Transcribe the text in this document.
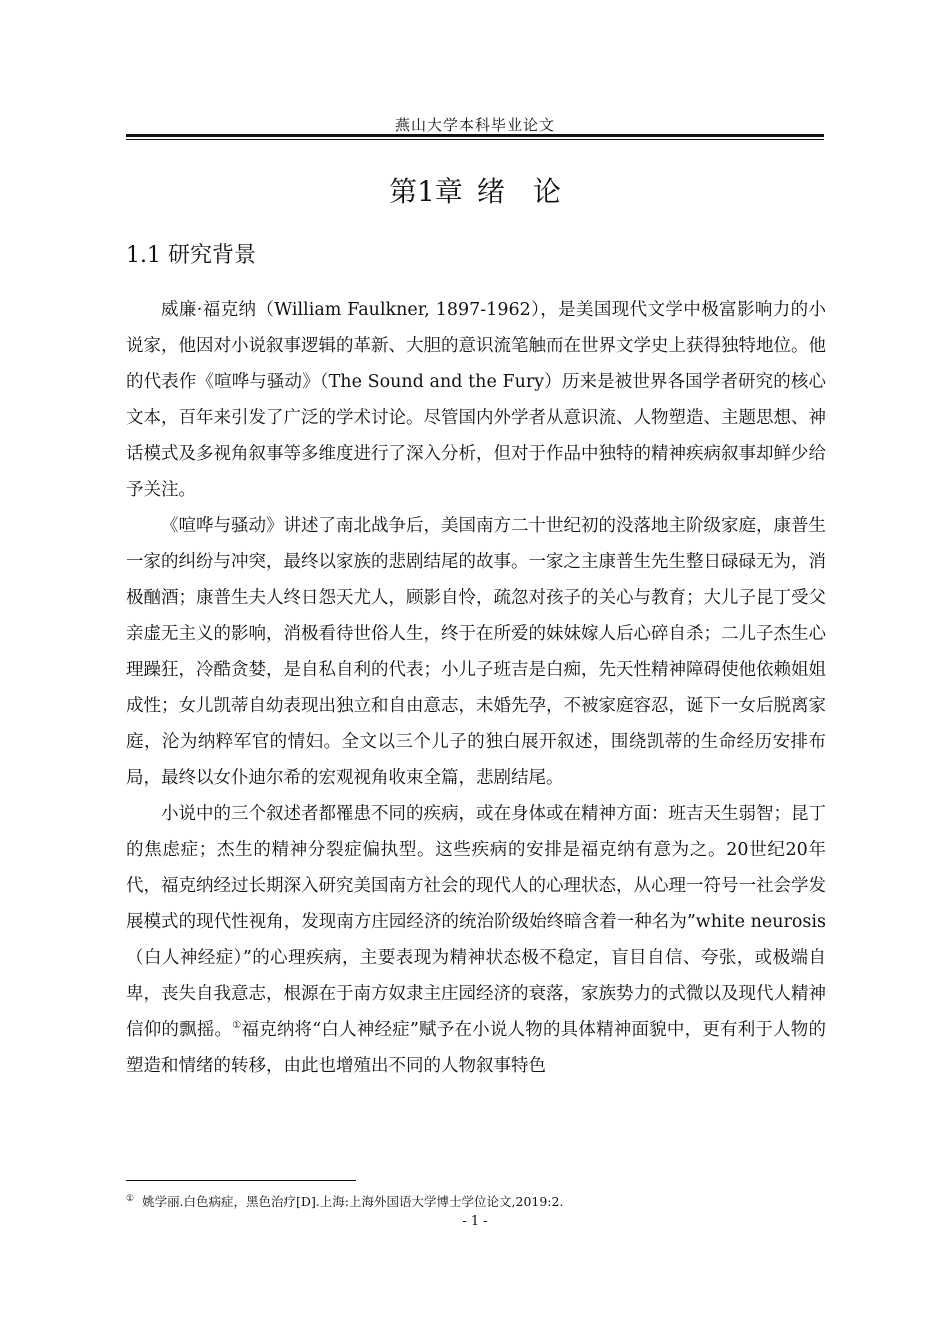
燕山大学本科毕业论文
第1章 绪 论
1.1 研究背景

威廉·福克纳（William Faulkner, 1897-1962），是美国现代文学中极富影响力的小说家，他因对小说叙事逻辑的革新、大胆的意识流笔触而在世界文学史上获得独特地位。他的代表作《喧哗与骚动》（The Sound and the Fury）历来是被世界各国学者研究的核心文本，百年来引发了广泛的学术讨论。尽管国内外学者从意识流、人物塑造、主题思想、神话模式及多视角叙事等多维度进行了深入分析，但对于作品中独特的精神疾病叙事却鲜少给予关注。

《喧哗与骚动》讲述了南北战争后，美国南方二十世纪初的没落地主阶级家庭，康普生一家的纠纷与冲突，最终以家族的悲剧结尾的故事。一家之主康普生先生整日碌碌无为，消极酗酒；康普生夫人终日怨天尤人，顾影自怜，疏忽对孩子的关心与教育；大儿子昆丁受父亲虚无主义的影响，消极看待世俗人生，终于在所爱的妹妹嫁人后心碎自杀；二儿子杰生心理躁狂，冷酷贪婪，是自私自利的代表；小儿子班吉是白痴，先天性精神障碍使他依赖姐姐成性；女儿凯蒂自幼表现出独立和自由意志，未婚先孕，不被家庭容忍，诞下一女后脱离家庭，沦为纳粹军官的情妇。全文以三个儿子的独白展开叙述，围绕凯蒂的生命经历安排布局，最终以女仆迪尔希的宏观视角收束全篇，悲剧结尾。

小说中的三个叙述者都罹患不同的疾病，或在身体或在精神方面：班吉天生弱智；昆丁的焦虑症；杰生的精神分裂症偏执型。这些疾病的安排是福克纳有意为之。20世纪20年代，福克纳经过长期深入研究美国南方社会的现代人的心理状态，从心理一符号一社会学发展模式的现代性视角，发现南方庄园经济的统治阶级始终暗含着一种名为”white neurosis（白人神经症）”的心理疾病，主要表现为精神状态极不稳定，盲目自信、夸张，或极端自卑，丧失自我意志，根源在于南方奴隶主庄园经济的衰落，家族势力的式微以及现代人精神信仰的飘摇。①福克纳将“白人神经症”赋予在小说人物的具体精神面貌中，更有利于人物的塑造和情绪的转移，由此也增殖出不同的人物叙事特色

① 姚学丽.白色病症，黑色治疗[D].上海:上海外国语大学博士学位论文,2019:2.
- 1 -
